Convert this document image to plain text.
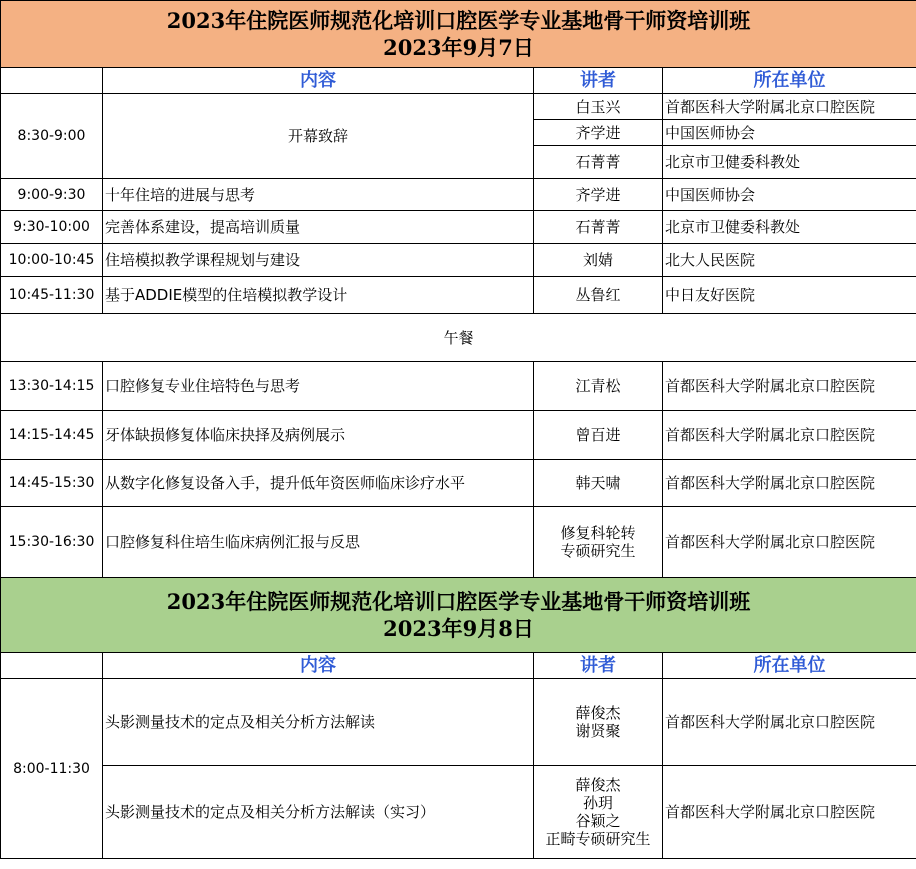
2023年住院医师规范化培训口腔医学专业基地骨干师资培训班
2023年9月7日			

	内容	讲者	所在单位
8:30-9:00	开幕致辞	白玉兴	首都医科大学附属北京口腔医院
		齐学进	中国医师协会
		石菁菁	北京市卫健委科教处
9:00-9:30	十年住培的进展与思考	齐学进	中国医师协会
9:30-10:00	完善体系建设，提高培训质量	石菁菁	北京市卫健委科教处
10:00-10:45	住培模拟教学课程规划与建设	刘婧	北大人民医院
10:45-11:30	基于ADDIE模型的住培模拟教学设计	丛鲁红	中日友好医院
午餐			
13:30-14:15	口腔修复专业住培特色与思考	江青松	首都医科大学附属北京口腔医院
14:15-14:45	牙体缺损修复体临床抉择及病例展示	曾百进	首都医科大学附属北京口腔医院
14:45-15:30	从数字化修复设备入手，提升低年资医师临床诊疗水平	韩天啸	首都医科大学附属北京口腔医院
15:30-16:30	口腔修复科住培生临床病例汇报与反思	修复科轮转
专硕研究生	首都医科大学附属北京口腔医院

2023年住院医师规范化培训口腔医学专业基地骨干师资培训班
2023年9月8日			

	内容	讲者	所在单位
8:00-11:30	头影测量技术的定点及相关分析方法解读	薛俊杰
谢贤聚	首都医科大学附属北京口腔医院
	头影测量技术的定点及相关分析方法解读（实习）	薛俊杰
孙玥
谷颖之
正畸专硕研究生	首都医科大学附属北京口腔医院
